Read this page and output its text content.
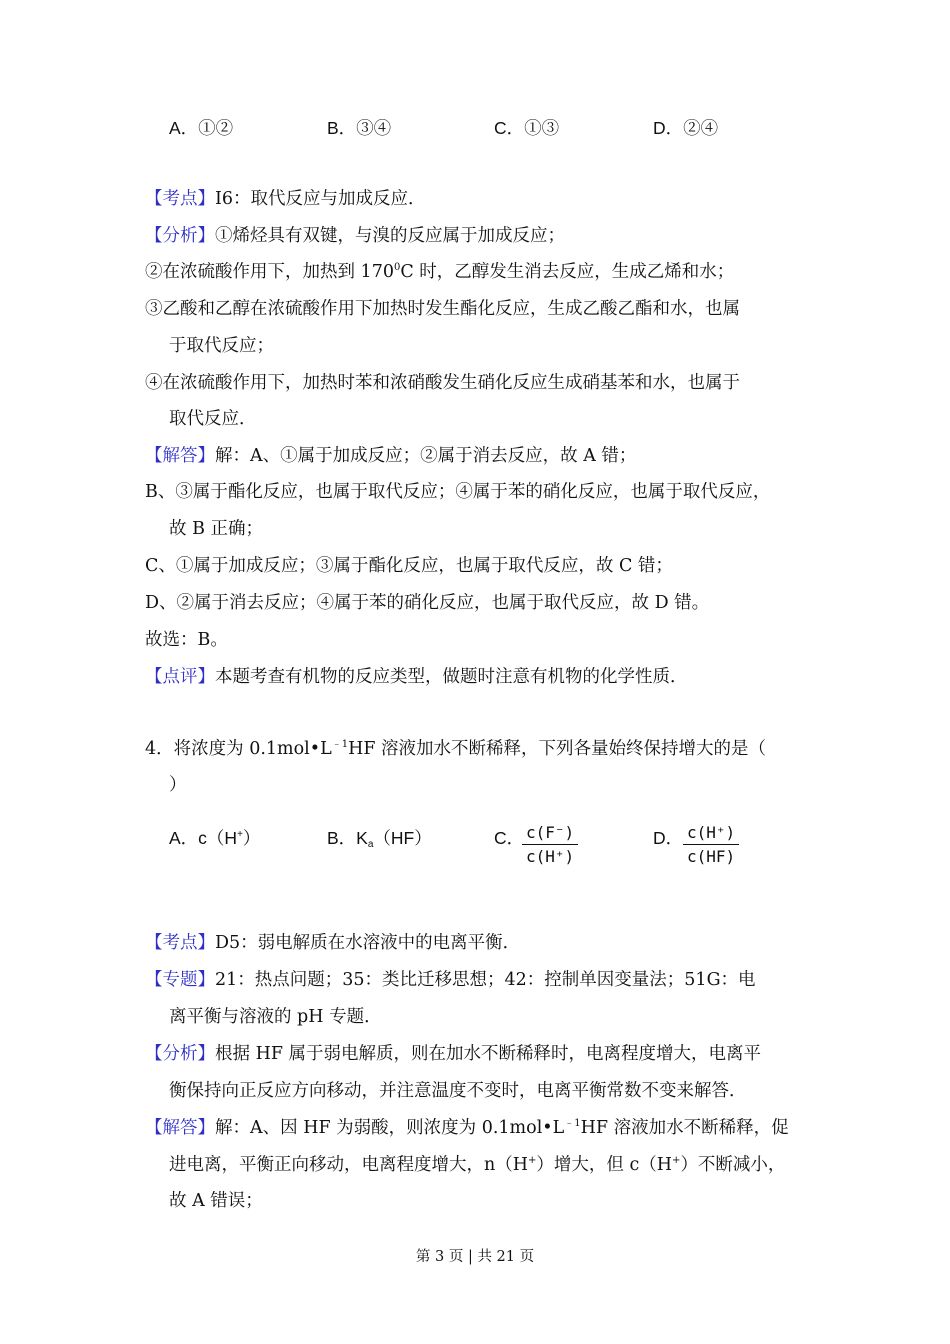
A．①②	B．③④	C．①③	D．②④
【考点】I6：取代反应与加成反应．
【分析】①烯烃具有双键，与溴的反应属于加成反应；
②在浓硫酸作用下，加热到 $170^0C$ 时，乙醇发生消去反应，生成乙烯和水；
③乙酸和乙醇在浓硫酸作用下加热时发生酯化反应，生成乙酸乙酯和水，也属
于取代反应；
④在浓硫酸作用下，加热时苯和浓硝酸发生硝化反应生成硝基苯和水，也属于
取代反应．
【解答】解：A、①属于加成反应；②属于消去反应，故 A 错；
B、③属于酯化反应，也属于取代反应；④属于苯的硝化反应，也属于取代反应，
故 B 正确；
C、①属于加成反应；③属于酯化反应，也属于取代反应，故 C 错；
D、②属于消去反应；④属于苯的硝化反应，也属于取代反应，故 D 错。
故选：B。
【点评】本题考查有机物的反应类型，做题时注意有机物的化学性质．
4．将浓度为 $0.1mol•L^{﹣1}HF$ 溶液加水不断稀释，下列各量始终保持增大的是（
）
A．c（H+）	B．$K_a(HF)$	C．
$\frac{c(F^-)}{c(H^+)}$	D． $\frac{c(H^+)}{c(HF)}$
【考点】D5：弱电解质在水溶液中的电离平衡．
【专题】21：热点问题；35：类比迁移思想；42：控制单因变量法；51G：电
离平衡与溶液的 pH 专题．
【分析】根据 HF 属于弱电解质，则在加水不断稀释时，电离程度增大，电离平
衡保持向正反应方向移动，并注意温度不变时，电离平衡常数不变来解答．
【解答】解：A、因 HF 为弱酸，则浓度为 $0.1mol•L^{﹣1}HF$ 溶液加水不断稀释，促
进电离，平衡正向移动，电离程度增大，n（H+）增大，但 c（H+）不断减小，
故 A 错误；
第 3 页 | 共 21 页
